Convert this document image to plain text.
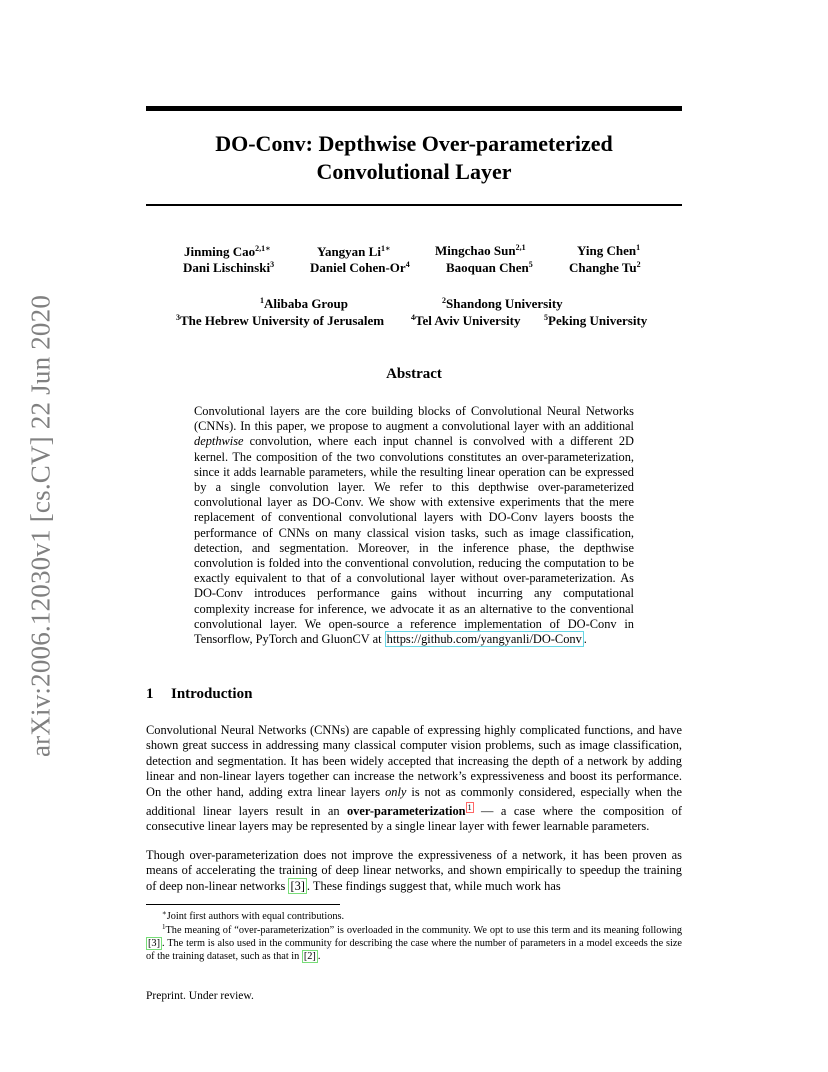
arXiv:2006.12030v1 [cs.CV] 22 Jun 2020
DO-Conv: Depthwise Over-parameterized
Convolutional Layer
Jinming Cao$^{2,1∗}$	Yangyan $Li^{1∗}$	Mingchao Sun$^{2,1}$	Ying Chen$^1$
Dani Lischinski$^3$	Daniel Cohen-Or$^4$	Baoquan Chen$^5$	Changhe Tu$^2$
$^1$Alibaba Group	$^2$Shandong University
$^3$The Hebrew University of Jerusalem	$^4$Tel Aviv University	$^5$Peking University
Abstract
Convolutional layers are the core building blocks of Convolutional Neural Networks (CNNs). In this paper, we propose to augment a convolutional layer with an additional depthwise convolution, where each input channel is convolved with a different 2D kernel. The composition of the two convolutions constitutes an over-parameterization, since it adds learnable parameters, while the resulting linear operation can be expressed by a single convolution layer. We refer to this depthwise over-parameterized convolutional layer as DO-Conv. We show with extensive experiments that the mere replacement of conventional convolutional layers with DO-Conv layers boosts the performance of CNNs on many classical vision tasks, such as image classification, detection, and segmentation. Moreover, in the inference phase, the depthwise convolution is folded into the conventional convolution, reducing the computation to be exactly equivalent to that of a convolutional layer without over-parameterization. As DO-Conv introduces performance gains without incurring any computational complexity increase for inference, we advocate it as an alternative to the conventional convolutional layer. We open-source a reference implementation of DO-Conv in Tensorflow, PyTorch and GluonCV at https://github.com/yangyanli/DO-Conv .
1 Introduction
Convolutional Neural Networks (CNNs) are capable of expressing highly complicated functions, and have shown great success in addressing many classical computer vision problems, such as image classification, detection and segmentation. It has been widely accepted that increasing the depth of a network by adding linear and non-linear layers together can increase the network’s expressiveness and boost its performance. On the other hand, adding extra linear layers only is not as commonly considered, especially when the additional linear layers result in an over-parameterization $^1$ — a case where the composition of consecutive linear layers may be represented by a single linear layer with fewer learnable parameters.
Though over-parameterization does not improve the expressiveness of a network, it has been proven as means of accelerating the training of deep linear networks, and shown empirically to speedup the training of deep non-linear networks [3] . These findings suggest that, while much work has
∗Joint first authors with equal contributions.
$^1$The meaning of “over-parameterization” is overloaded in the community. We opt to use this term and its meaning following [3] . The term is also used in the community for describing the case where the number of parameters in a model exceeds the size of the training dataset, such as that in [2] .
Preprint. Under review.
